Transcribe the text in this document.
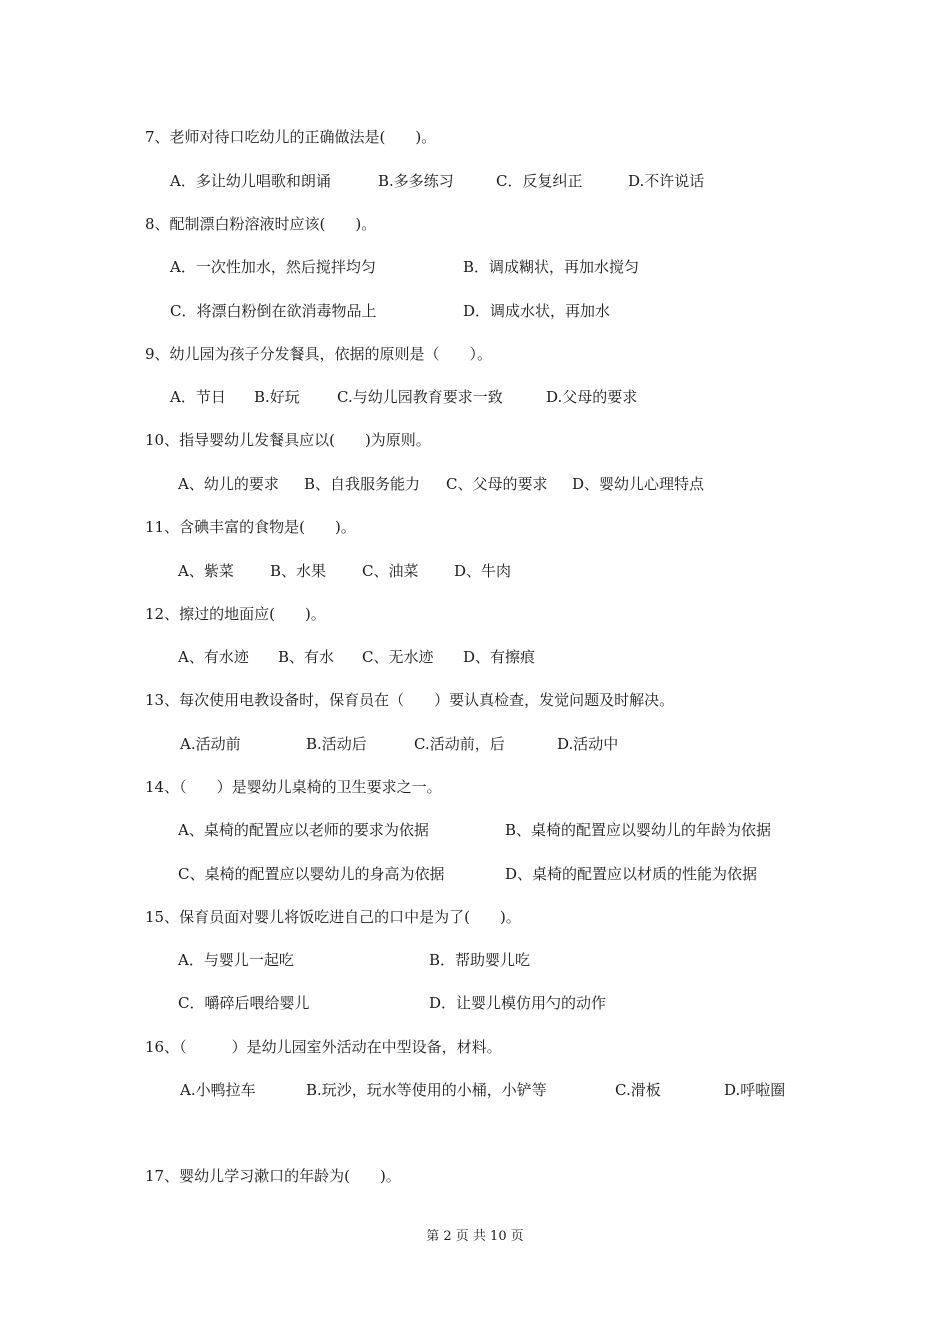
7、老师对待口吃幼儿的正确做法是(　　)。
A．多让幼儿唱歌和朗诵	B.多多练习	C．反复纠正	D.不许说话
8、配制漂白粉溶液时应该(　　)。
A．一次性加水，然后搅拌均匀	B．调成糊状，再加水搅匀
C．将漂白粉倒在欲消毒物品上	D．调成水状，再加水
9、幼儿园为孩子分发餐具，依据的原则是（　　）。
A．节日 B.好玩 C.与幼儿园教育要求一致	D.父母的要求
10、指导婴幼儿发餐具应以(　　)为原则。
A、幼儿的要求 B、自我服务能力 C、父母的要求 D、婴幼儿心理特点
11、含碘丰富的食物是(　　)。
A、紫菜 B、水果 C、油菜 D、牛肉
12、擦过的地面应(　　)。
A、有水迹 B、有水 C、无水迹 D、有擦痕
13、每次使用电教设备时，保育员在（　　）要认真检查，发觉问题及时解决。
A.活动前	B.活动后	C.活动前，后	D.活动中
14、（　　）是婴幼儿桌椅的卫生要求之一。
A、桌椅的配置应以老师的要求为依据	B、桌椅的配置应以婴幼儿的年龄为依据
C、桌椅的配置应以婴幼儿的身高为依据	D、桌椅的配置应以材质的性能为依据
15、保育员面对婴儿将饭吃进自己的口中是为了(　　)。
A．与婴儿一起吃	B．帮助婴儿吃
C．嚼碎后喂给婴儿	D．让婴儿模仿用勺的动作
16、（　　　）是幼儿园室外活动在中型设备，材料。
A.小鸭拉车	B.玩沙，玩水等使用的小桶，小铲等	C.滑板	D.呼啦圈
17、婴幼儿学习漱口的年龄为(　　)。
第 2 页 共 10 页
